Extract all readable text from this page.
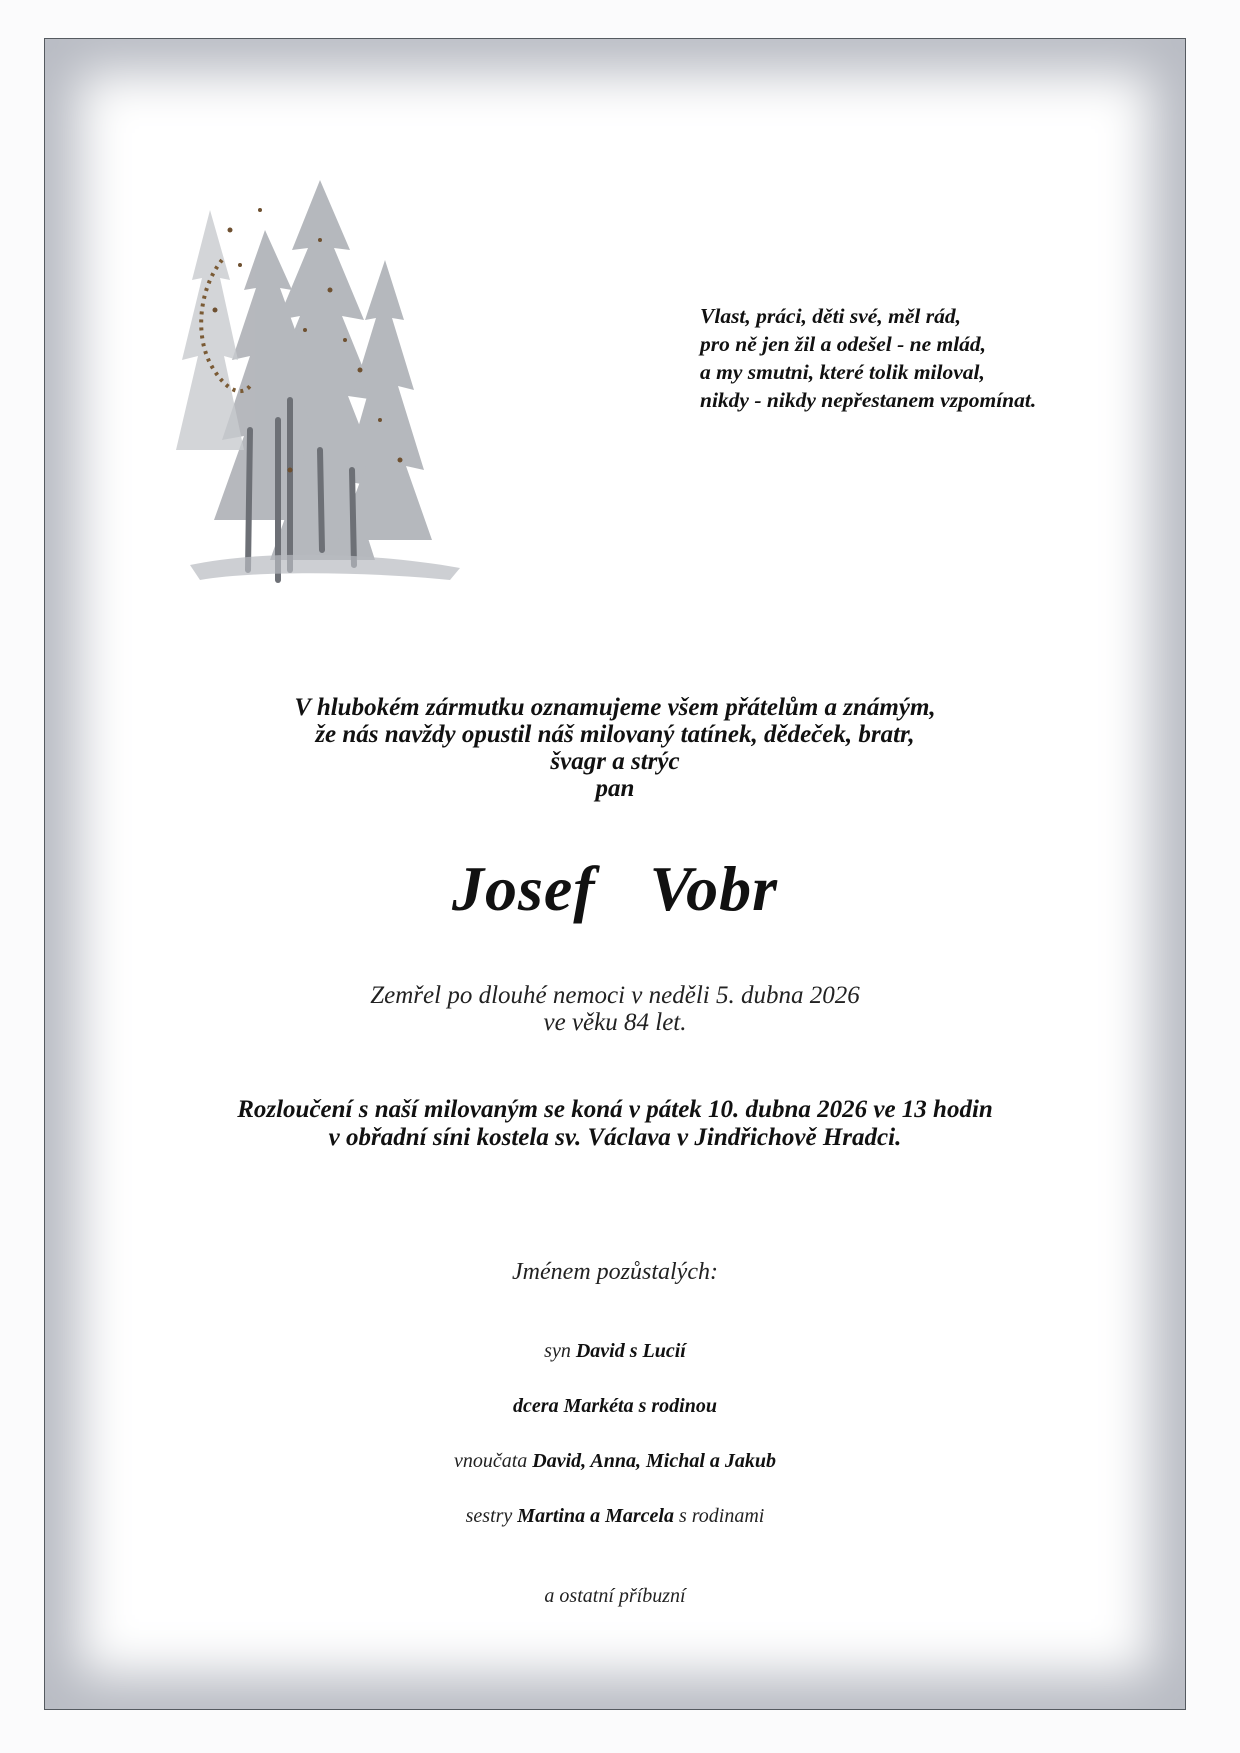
Vlast, práci, děti své, měl rád,
pro ně jen žil a odešel - ne mlád,
a my smutni, které tolik miloval,
nikdy - nikdy nepřestanem vzpomínat.
V hlubokém zármutku oznamujeme všem přátelům a známým,
že nás navždy opustil náš milovaný tatínek, dědeček, bratr,
švagr a strýc
pan
Josef  Vobr
Zemřel po dlouhé nemoci v neděli 5. dubna 2026
ve věku 84 let.
Rozloučení s naší milovaným se koná v pátek 10. dubna 2026 ve 13 hodin
v obřadní síni kostela sv. Václava v Jindřichově Hradci.
Jménem pozůstalých:
syn David s Lucií
dcera Markéta s rodinou
vnoučata David, Anna, Michal a Jakub
sestry Martina a Marcela s rodinami
a ostatní příbuzní
